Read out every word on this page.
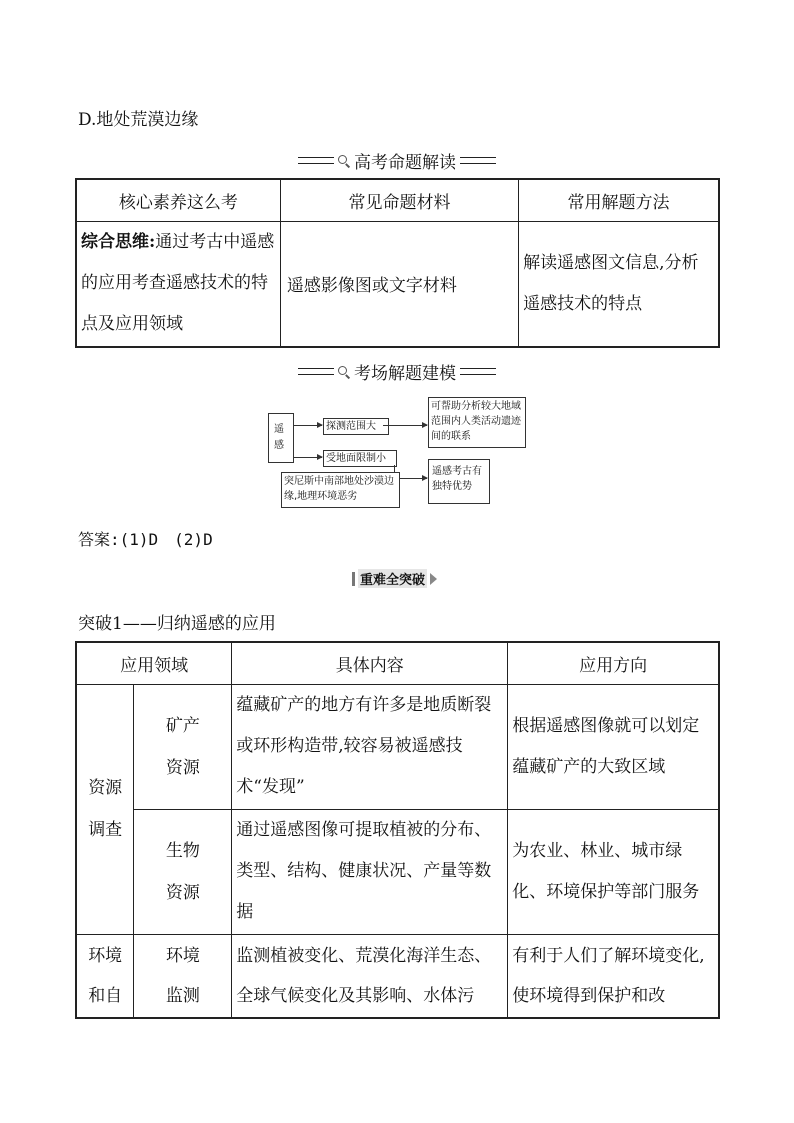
D.地处荒漠边缘
高考命题解读
核心素养这么考	常见命题材料	常用解题方法
综合思维:通过考古中遥感的应用考查遥感技术的特点及应用领域	遥感影像图或文字材料	解读遥感图文信息,分析遥感技术的特点
考场解题建模
遥感
探测范围大
可帮助分析较大地域范围内人类活动遗迹间的联系
受地面限制小
突尼斯中南部地处沙漠边缘,地理环境恶劣
遥感考古有独特优势
答案:(1)D　(2)D
重难全突破
突破1——归纳遥感的应用
应用领域		具体内容	应用方向
资源调查	矿产资源	蕴藏矿产的地方有许多是地质断裂或环形构造带,较容易被遥感技术“发现”	根据遥感图像就可以划定蕴藏矿产的大致区域
	生物资源	通过遥感图像可提取植被的分布、类型、结构、健康状况、产量等数据	为农业、林业、城市绿化、环境保护等部门服务
环境和自	环境监测	监测植被变化、荒漠化海洋生态、全球气候变化及其影响、水体污	有利于人们了解环境变化,使环境得到保护和改
